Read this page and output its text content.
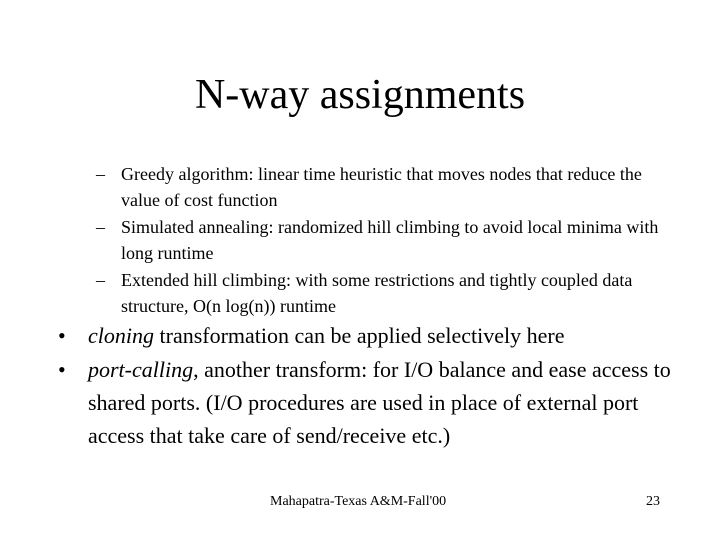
N-way assignments
– Greedy algorithm: linear time heuristic that moves nodes that reduce the value of cost function
– Simulated annealing: randomized hill climbing to avoid local minima with long runtime
– Extended hill climbing: with some restrictions and tightly coupled data structure, O(n log(n)) runtime
• cloning transformation can be applied selectively here
• port-calling, another transform: for I/O balance and ease access to shared ports. (I/O procedures are used in place of external port access that take care of send/receive etc.)
Mahapatra-Texas A&M-Fall'00	23
